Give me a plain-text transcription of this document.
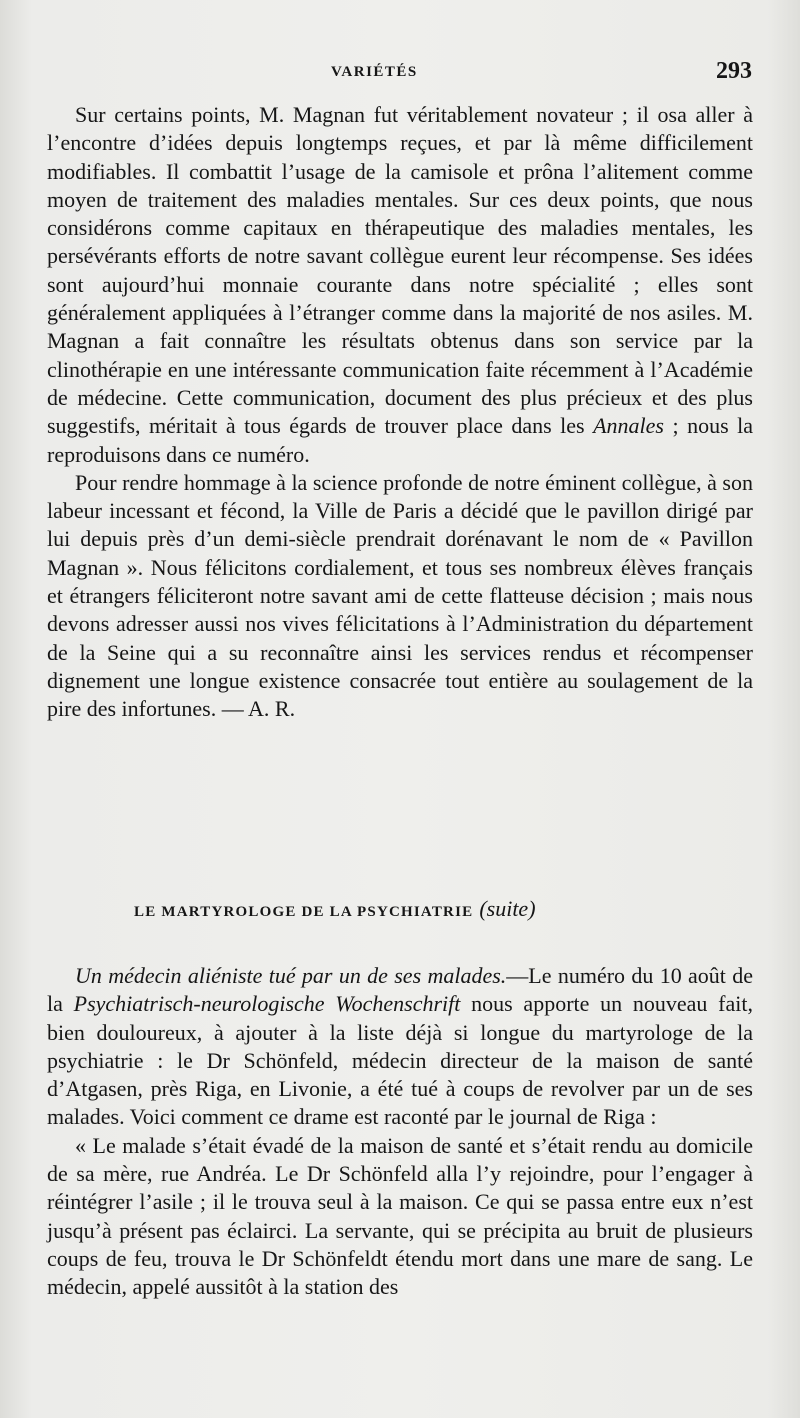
VARIÉTÉS	293

Sur certains points, M. Magnan fut véritablement novateur ; il osa aller à l’encontre d’idées depuis longtemps reçues, et par là même difficilement modifiables. Il combattit l’usage de la camisole et prôna l’alitement comme moyen de traitement des maladies mentales. Sur ces deux points, que nous considérons comme capitaux en thérapeutique des maladies mentales, les persévérants efforts de notre savant collègue eurent leur récompense. Ses idées sont aujourd’hui monnaie courante dans notre spécialité ; elles sont généralement appliquées à l’étranger comme dans la majorité de nos asiles. M. Magnan a fait connaître les résultats obtenus dans son service par la clinothérapie en une intéressante communication faite récemment à l’Académie de médecine. Cette communication, document des plus précieux et des plus suggestifs, méritait à tous égards de trouver place dans les Annales ; nous la reproduisons dans ce numéro.

Pour rendre hommage à la science profonde de notre éminent collègue, à son labeur incessant et fécond, la Ville de Paris a décidé que le pavillon dirigé par lui depuis près d’un demi-siècle prendrait dorénavant le nom de « Pavillon Magnan ». Nous félicitons cordialement, et tous ses nombreux élèves français et étrangers féliciteront notre savant ami de cette flatteuse décision ; mais nous devons adresser aussi nos vives félicitations à l’Administration du département de la Seine qui a su reconnaître ainsi les services rendus et récompenser dignement une longue existence consacrée tout entière au soulagement de la pire des infortunes. — A. R.

LE MARTYROLOGE DE LA PSYCHIATRIE (suite)

Un médecin aliéniste tué par un de ses malades.—Le numéro du 10 août de la Psychiatrisch-neurologische Wochenschrift nous apporte un nouveau fait, bien douloureux, à ajouter à la liste déjà si longue du martyrologe de la psychiatrie : le Dr Schönfeld, médecin directeur de la maison de santé d’Atgasen, près Riga, en Livonie, a été tué à coups de revolver par un de ses malades. Voici comment ce drame est raconté par le journal de Riga :

« Le malade s’était évadé de la maison de santé et s’était rendu au domicile de sa mère, rue Andréa. Le Dr Schönfeld alla l’y rejoindre, pour l’engager à réintégrer l’asile ; il le trouva seul à la maison. Ce qui se passa entre eux n’est jusqu’à présent pas éclairci. La servante, qui se précipita au bruit de plusieurs coups de feu, trouva le Dr Schönfeldt étendu mort dans une mare de sang. Le médecin, appelé aussitôt à la station des
